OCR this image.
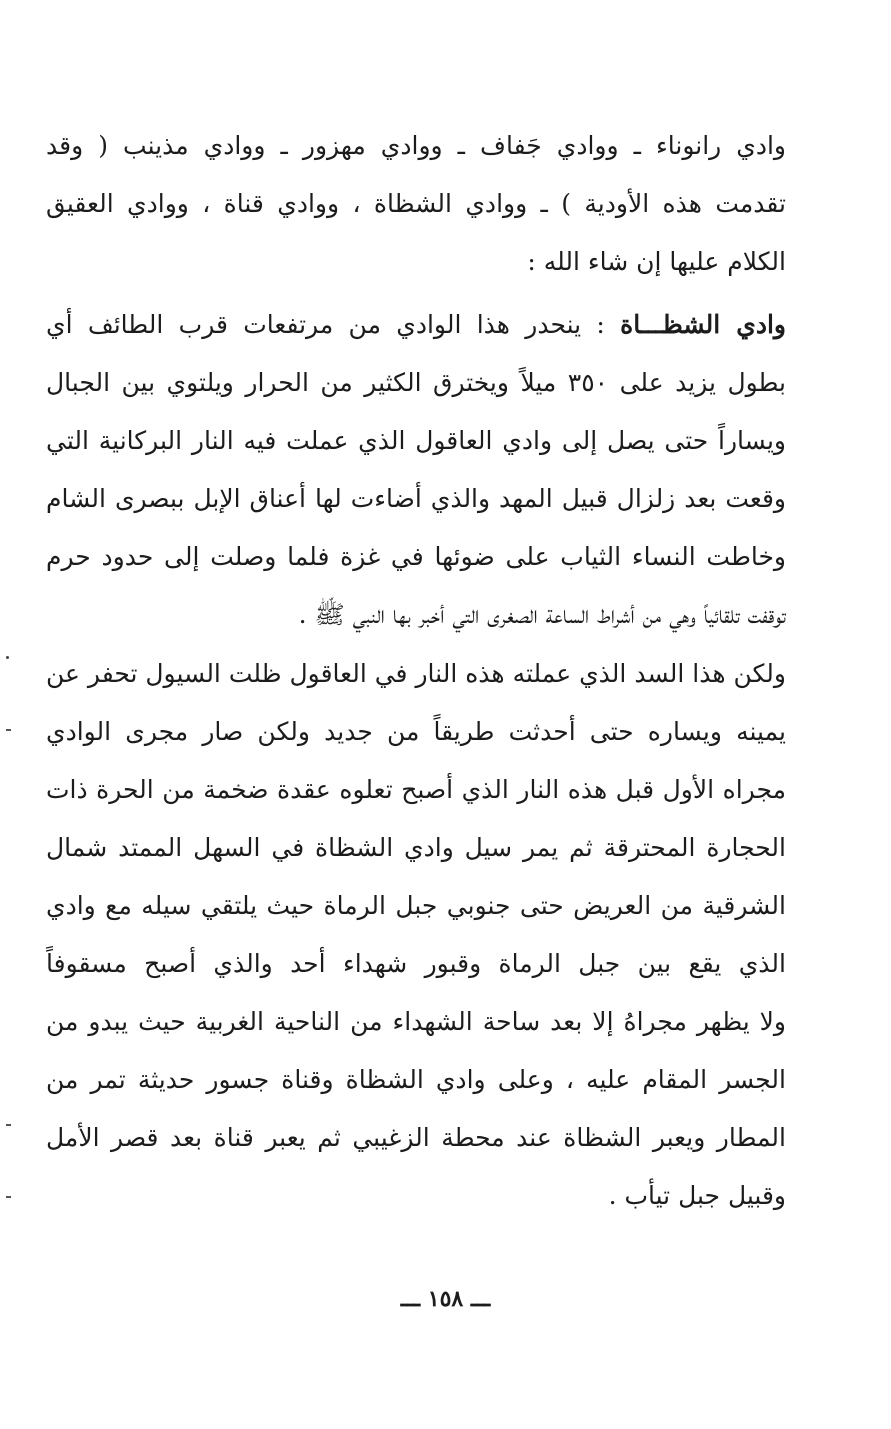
وادي رانوناء ـ ووادي جَفاف ـ ووادي مهزور ـ ووادي مذينب ( وقد
تقدمت هذه الأودية ) ـ ووادي الشظاة ، ووادي قناة ، ووادي العقيق
الكلام عليها إن شاء الله :
وادي الشظـــاة : ينحدر هذا الوادي من مرتفعات قرب الطائف أي
بطول يزيد على ٣٥٠ ميلاً ويخترق الكثير من الحرار ويلتوي بين الجبال
ويساراً حتى يصل إلى وادي العاقول الذي عملت فيه النار البركانية التي
وقعت بعد زلزال قبيل المهد والذي أضاءت لها أعناق الإبل ببصرى الشام
وخاطت النساء الثياب على ضوئها في غزة فلما وصلت إلى حدود حرم
توقفت تلقائياً وهي من أشراط الساعة الصغرى التي أخبر بها النبي ﷺ .
ولكن هذا السد الذي عملته هذه النار في العاقول ظلت السيول تحفر عن
يمينه ويساره حتى أحدثت طريقاً من جديد ولكن صار مجرى الوادي
مجراه الأول قبل هذه النار الذي أصبح تعلوه عقدة ضخمة من الحرة ذات
الحجارة المحترقة ثم يمر سيل وادي الشظاة في السهل الممتد شمال
الشرقية من العريض حتى جنوبي جبل الرماة حيث يلتقي سيله مع وادي
الذي يقع بين جبل الرماة وقبور شهداء أحد والذي أصبح مسقوفاً
ولا يظهر مجراهُ إلا بعد ساحة الشهداء من الناحية الغربية حيث يبدو من
الجسر المقام عليه ، وعلى وادي الشظاة وقناة جسور حديثة تمر من
المطار ويعبر الشظاة عند محطة الزغيبي ثم يعبر قناة بعد قصر الأمل
وقبيل جبل تيأب .
ـــ ١٥٨ ـــ
